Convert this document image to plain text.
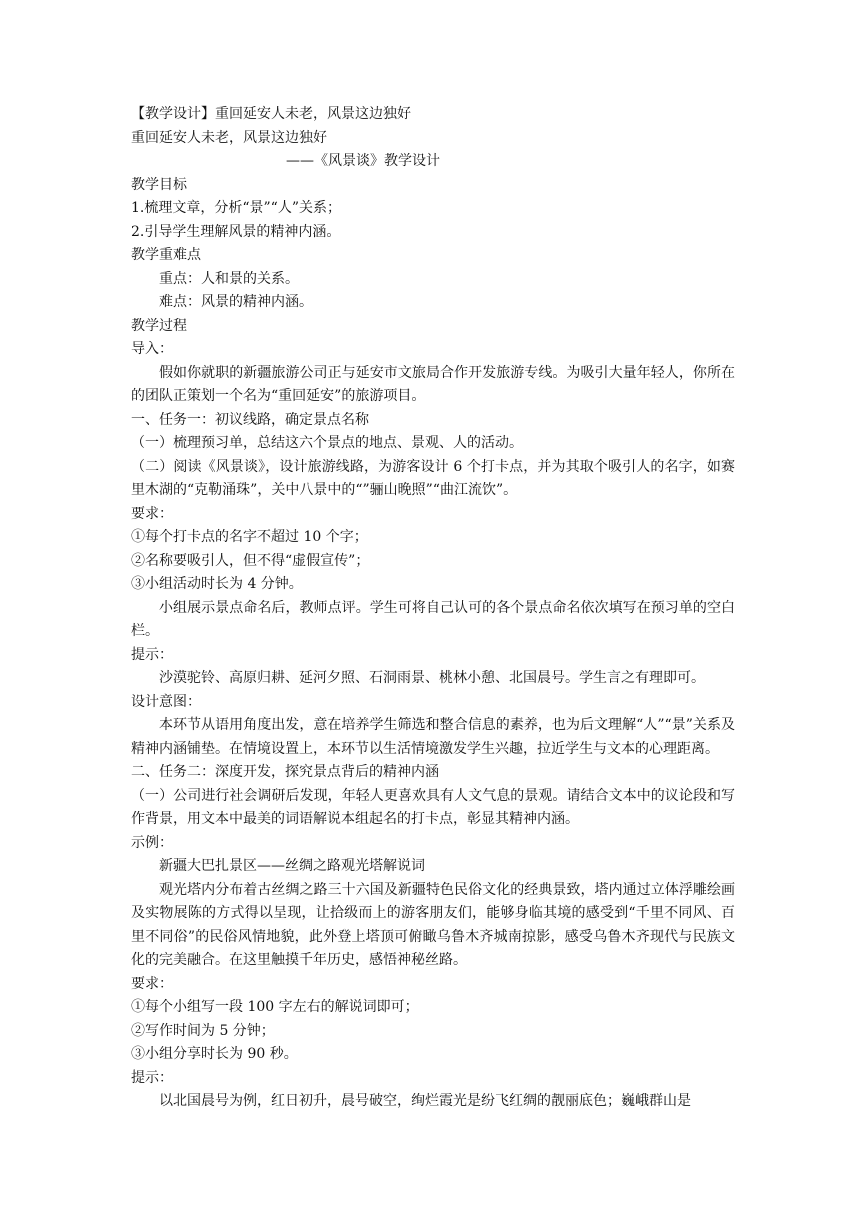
【教学设计】重回延安人未老，风景这边独好

重回延安人未老，风景这边独好

——《风景谈》教学设计

教学目标

1.梳理文章，分析“景”“人”关系；

2.引导学生理解风景的精神内涵。

教学重难点

重点：人和景的关系。

难点：风景的精神内涵。

教学过程

导入：

假如你就职的新疆旅游公司正与延安市文旅局合作开发旅游专线。为吸引大量年轻人，你所在的团队正策划一个名为“重回延安”的旅游项目。

一、任务一：初议线路，确定景点名称

（一）梳理预习单，总结这六个景点的地点、景观、人的活动。

（二）阅读《风景谈》，设计旅游线路，为游客设计 6 个打卡点，并为其取个吸引人的名字，如赛里木湖的“克勒涌珠”，关中八景中的“”骊山晚照”“曲江流饮”。

要求：

①每个打卡点的名字不超过 10 个字；

②名称要吸引人，但不得“虚假宣传”；

③小组活动时长为 4 分钟。

小组展示景点命名后，教师点评。学生可将自己认可的各个景点命名依次填写在预习单的空白栏。

提示：

沙漠驼铃、高原归耕、延河夕照、石洞雨景、桃林小憩、北国晨号。学生言之有理即可。

设计意图：

本环节从语用角度出发，意在培养学生筛选和整合信息的素养，也为后文理解“人”“景”关系及精神内涵铺垫。在情境设置上，本环节以生活情境激发学生兴趣，拉近学生与文本的心理距离。

二、任务二：深度开发，探究景点背后的精神内涵

（一）公司进行社会调研后发现，年轻人更喜欢具有人文气息的景观。请结合文本中的议论段和写作背景，用文本中最美的词语解说本组起名的打卡点，彰显其精神内涵。

示例：

新疆大巴扎景区——丝绸之路观光塔解说词

观光塔内分布着古丝绸之路三十六国及新疆特色民俗文化的经典景致，塔内通过立体浮雕绘画及实物展陈的方式得以呈现，让拾级而上的游客朋友们，能够身临其境的感受到“千里不同风、百里不同俗”的民俗风情地貌，此外登上塔顶可俯瞰乌鲁木齐城南掠影，感受乌鲁木齐现代与民族文化的完美融合。在这里触摸千年历史，感悟神秘丝路。

要求：

①每个小组写一段 100 字左右的解说词即可；

②写作时间为 5 分钟；

③小组分享时长为 90 秒。

提示：

以北国晨号为例，红日初升，晨号破空，绚烂霞光是纷飞红绸的靓丽底色；巍峨群山是
